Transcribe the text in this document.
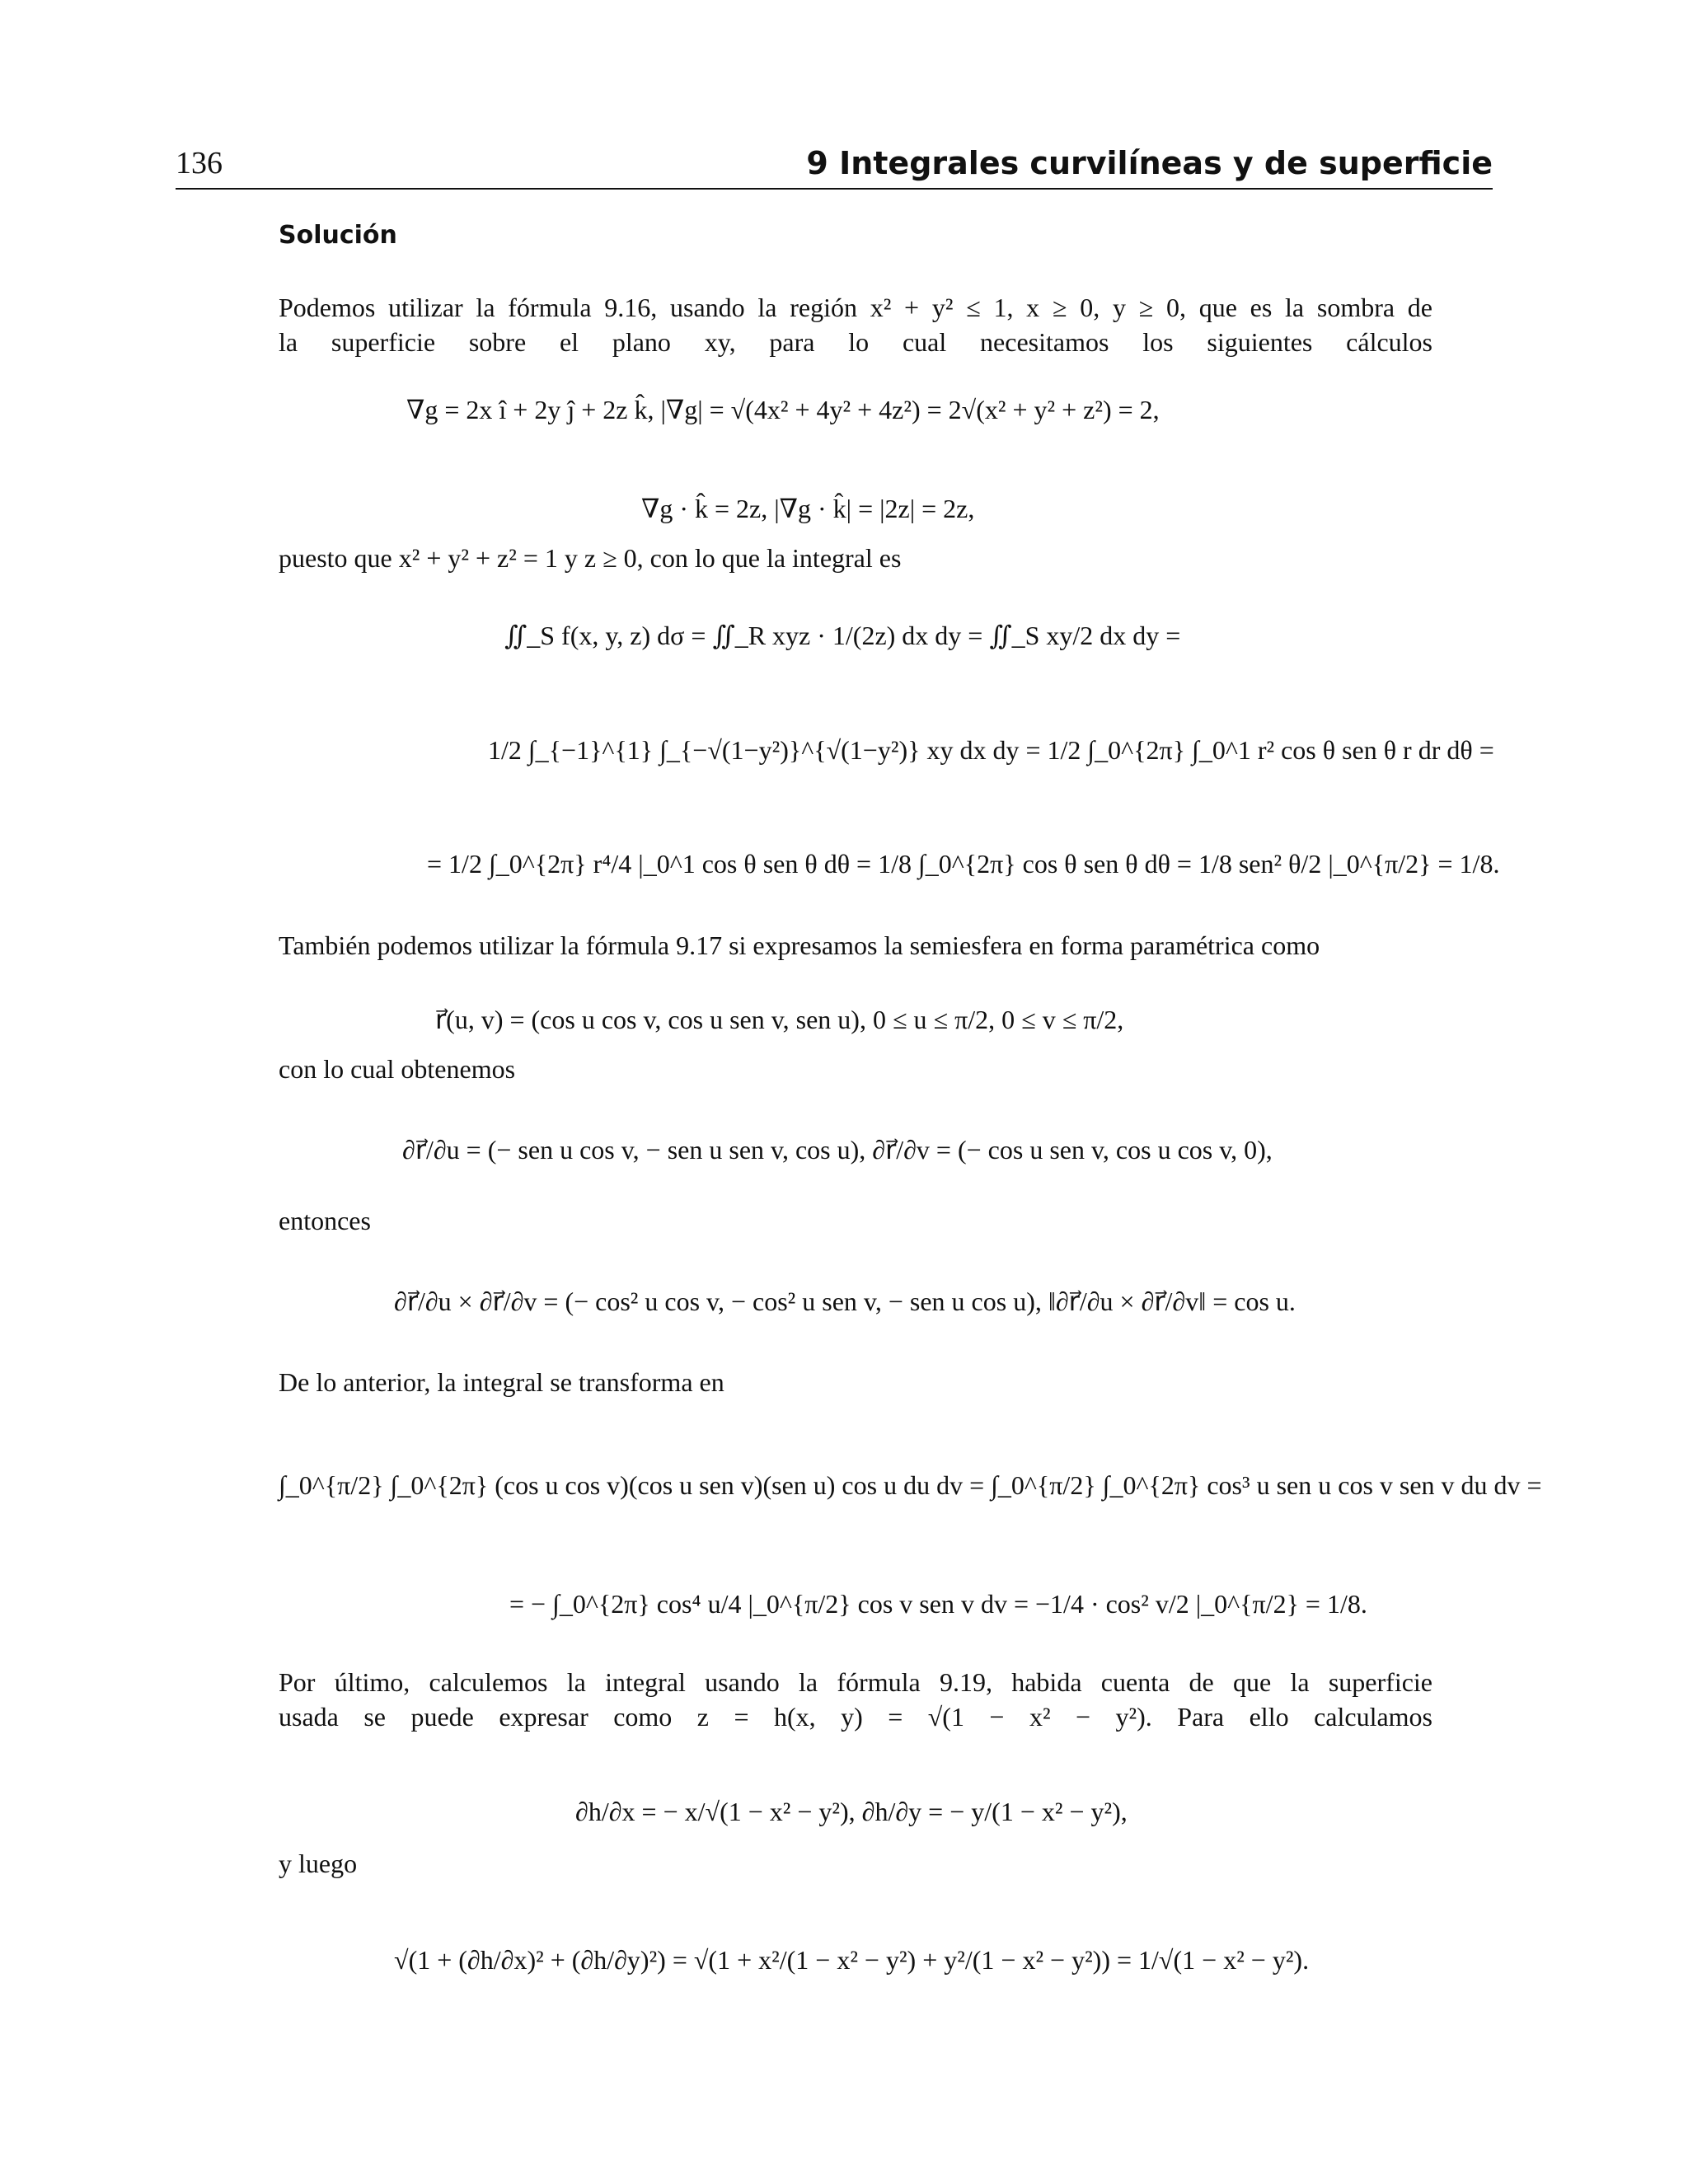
136	9 Integrales curvilíneas y de superficie
Solución
Podemos utilizar la fórmula 9.16, usando la región x² + y² ≤ 1, x ≥ 0, y ≥ 0, que es la sombra de
la superficie sobre el plano xy, para lo cual necesitamos los siguientes cálculos
∇g = 2x î + 2y ĵ + 2z k̂, |∇g| = √(4x² + 4y² + 4z²) = 2√(x² + y² + z²) = 2,
∇g · k̂ = 2z, |∇g · k̂| = |2z| = 2z,
puesto que x² + y² + z² = 1 y z ≥ 0, con lo que la integral es
∬_S f(x, y, z) dσ = ∬_R xyz · 1/(2z) dx dy = ∬_S xy/2 dx dy =
1/2 ∫_{−1}^{1} ∫_{−√(1−y²)}^{√(1−y²)} xy dx dy = 1/2 ∫_0^{2π} ∫_0^1 r² cos θ sen θ r dr dθ =
= 1/2 ∫_0^{2π} r⁴/4 |_0^1 cos θ sen θ dθ = 1/8 ∫_0^{2π} cos θ sen θ dθ = 1/8 sen² θ/2 |_0^{π/2} = 1/8.
También podemos utilizar la fórmula 9.17 si expresamos la semiesfera en forma paramétrica como
r⃗(u, v) = (cos u cos v, cos u sen v, sen u), 0 ≤ u ≤ π/2, 0 ≤ v ≤ π/2,
con lo cual obtenemos
∂r⃗/∂u = (− sen u cos v, − sen u sen v, cos u), ∂r⃗/∂v = (− cos u sen v, cos u cos v, 0),
entonces
∂r⃗/∂u × ∂r⃗/∂v = (− cos² u cos v, − cos² u sen v, − sen u cos u), ‖∂r⃗/∂u × ∂r⃗/∂v‖ = cos u.
De lo anterior, la integral se transforma en
∫_0^{π/2} ∫_0^{2π} (cos u cos v)(cos u sen v)(sen u) cos u du dv = ∫_0^{π/2} ∫_0^{2π} cos³ u sen u cos v sen v du dv =
= − ∫_0^{2π} cos⁴ u/4 |_0^{π/2} cos v sen v dv = −1/4 · cos² v/2 |_0^{π/2} = 1/8.
Por último, calculemos la integral usando la fórmula 9.19, habida cuenta de que la superficie
usada se puede expresar como z = h(x, y) = √(1 − x² − y²). Para ello calculamos
∂h/∂x = − x/√(1 − x² − y²), ∂h/∂y = − y/(1 − x² − y²),
y luego
√(1 + (∂h/∂x)² + (∂h/∂y)²) = √(1 + x²/(1 − x² − y²) + y²/(1 − x² − y²)) = 1/√(1 − x² − y²).
